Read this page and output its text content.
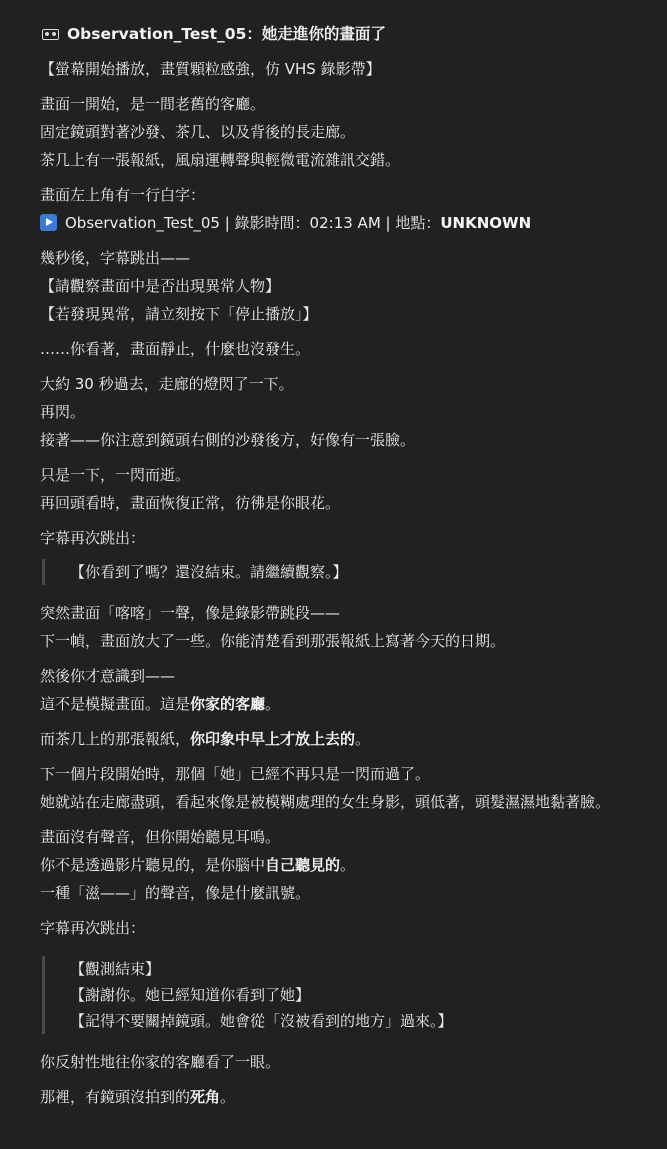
Observation_Test_05：她走進你的畫面了
【螢幕開始播放，畫質顆粒感強，仿 VHS 錄影帶】
畫面一開始，是一間老舊的客廳。
固定鏡頭對著沙發、茶几、以及背後的長走廊。
茶几上有一張報紙，風扇運轉聲與輕微電流雜訊交錯。
畫面左上角有一行白字：
Observation_Test_05 | 錄影時間：02:13 AM | 地點：UNKNOWN
幾秒後，字幕跳出——
【請觀察畫面中是否出現異常人物】
【若發現異常，請立刻按下「停止播放」】
……你看著，畫面靜止，什麼也沒發生。
大約 30 秒過去，走廊的燈閃了一下。
再閃。
接著——你注意到鏡頭右側的沙發後方，好像有一張臉。
只是一下，一閃而逝。
再回頭看時，畫面恢復正常，彷彿是你眼花。
字幕再次跳出：
【你看到了嗎？還沒結束。請繼續觀察。】
突然畫面「喀喀」一聲，像是錄影帶跳段——
下一幀，畫面放大了一些。你能清楚看到那張報紙上寫著今天的日期。
然後你才意識到——
這不是模擬畫面。這是你家的客廳。
而茶几上的那張報紙，你印象中早上才放上去的。
下一個片段開始時，那個「她」已經不再只是一閃而過了。
她就站在走廊盡頭，看起來像是被模糊處理的女生身影，頭低著，頭髮濕濕地黏著臉。
畫面沒有聲音，但你開始聽見耳鳴。
你不是透過影片聽見的，是你腦中自己聽見的。
一種「滋——」的聲音，像是什麼訊號。
字幕再次跳出：
【觀測結束】
【謝謝你。她已經知道你看到了她】
【記得不要關掉鏡頭。她會從「沒被看到的地方」過來。】
你反射性地往你家的客廳看了一眼。
那裡，有鏡頭沒拍到的死角。
